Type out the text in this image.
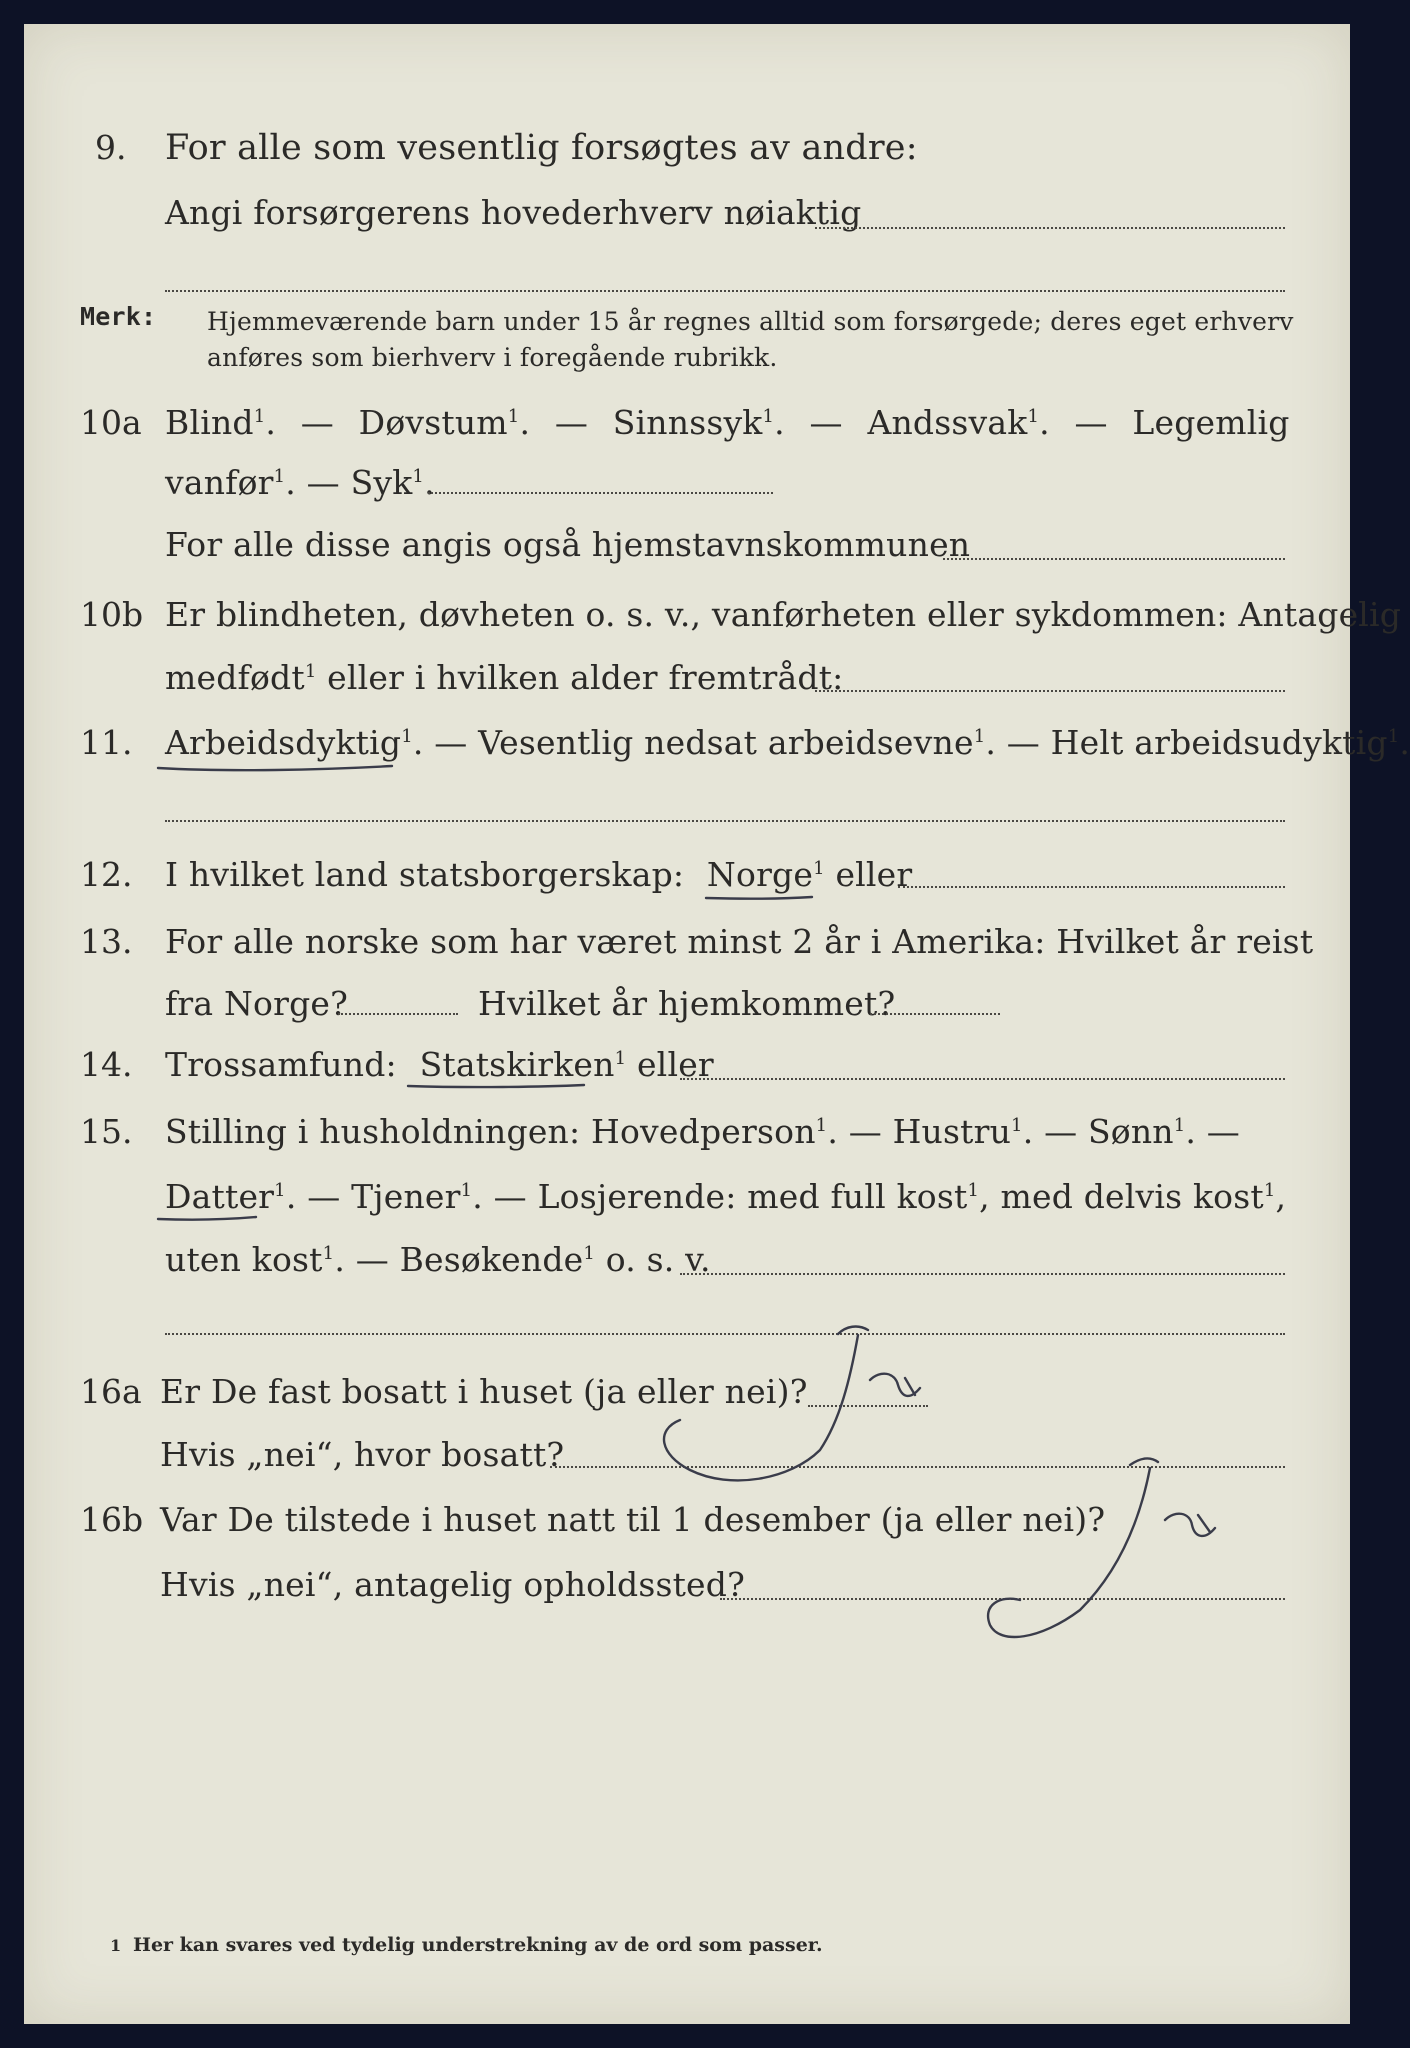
9. For alle som vesentlig forsøgtes av andre:
Angi forsørgerens hovederhverv nøiaktig
Merk: Hjemmeværende barn under 15 år regnes alltid som forsørgede; deres eget erhverv
anføres som bierhverv i foregående rubrikk.
10a Blind$^1$. — Døvstum$^1$. — Sinnssyk$^1$. — Andssvak$^1$. — Legemlig
vanfør$^1$. — Syk$^1$.
For alle disse angis også hjemstavnskommunen
10b Er blindheten, døvheten o. s. v., vanførheten eller sykdommen: Antagelig
medfødt$^1$ eller i hvilken alder fremtrådt:
11. Arbeidsdyktig$^1$. — Vesentlig nedsat arbeidsevne$^1$. — Helt arbeidsudyktig$^1$.
12. I hvilket land statsborgerskap: Norge$^1$ eller
13. For alle norske som har været minst 2 år i Amerika: Hvilket år reist
fra Norge?	Hvilket år hjemkommet?
14. Trossamfund: Statskirken$^1$ eller
15. Stilling i husholdningen: Hovedperson$^1$. — Hustru$^1$. — Sønn$^1$. —
Datter$^1$. — Tjener$^1$. — Losjerende: med full kost$^1$, med delvis kost$^1$,
uten kost$^1$. — Besøkende$^1$ o. s. v.
16a Er De fast bosatt i huset (ja eller nei)?
Hvis „nei“, hvor bosatt?
16b Var De tilstede i huset natt til 1 desember (ja eller nei)?
Hvis „nei“, antagelig opholdssted?
1 Her kan svares ved tydelig understrekning av de ord som passer.
